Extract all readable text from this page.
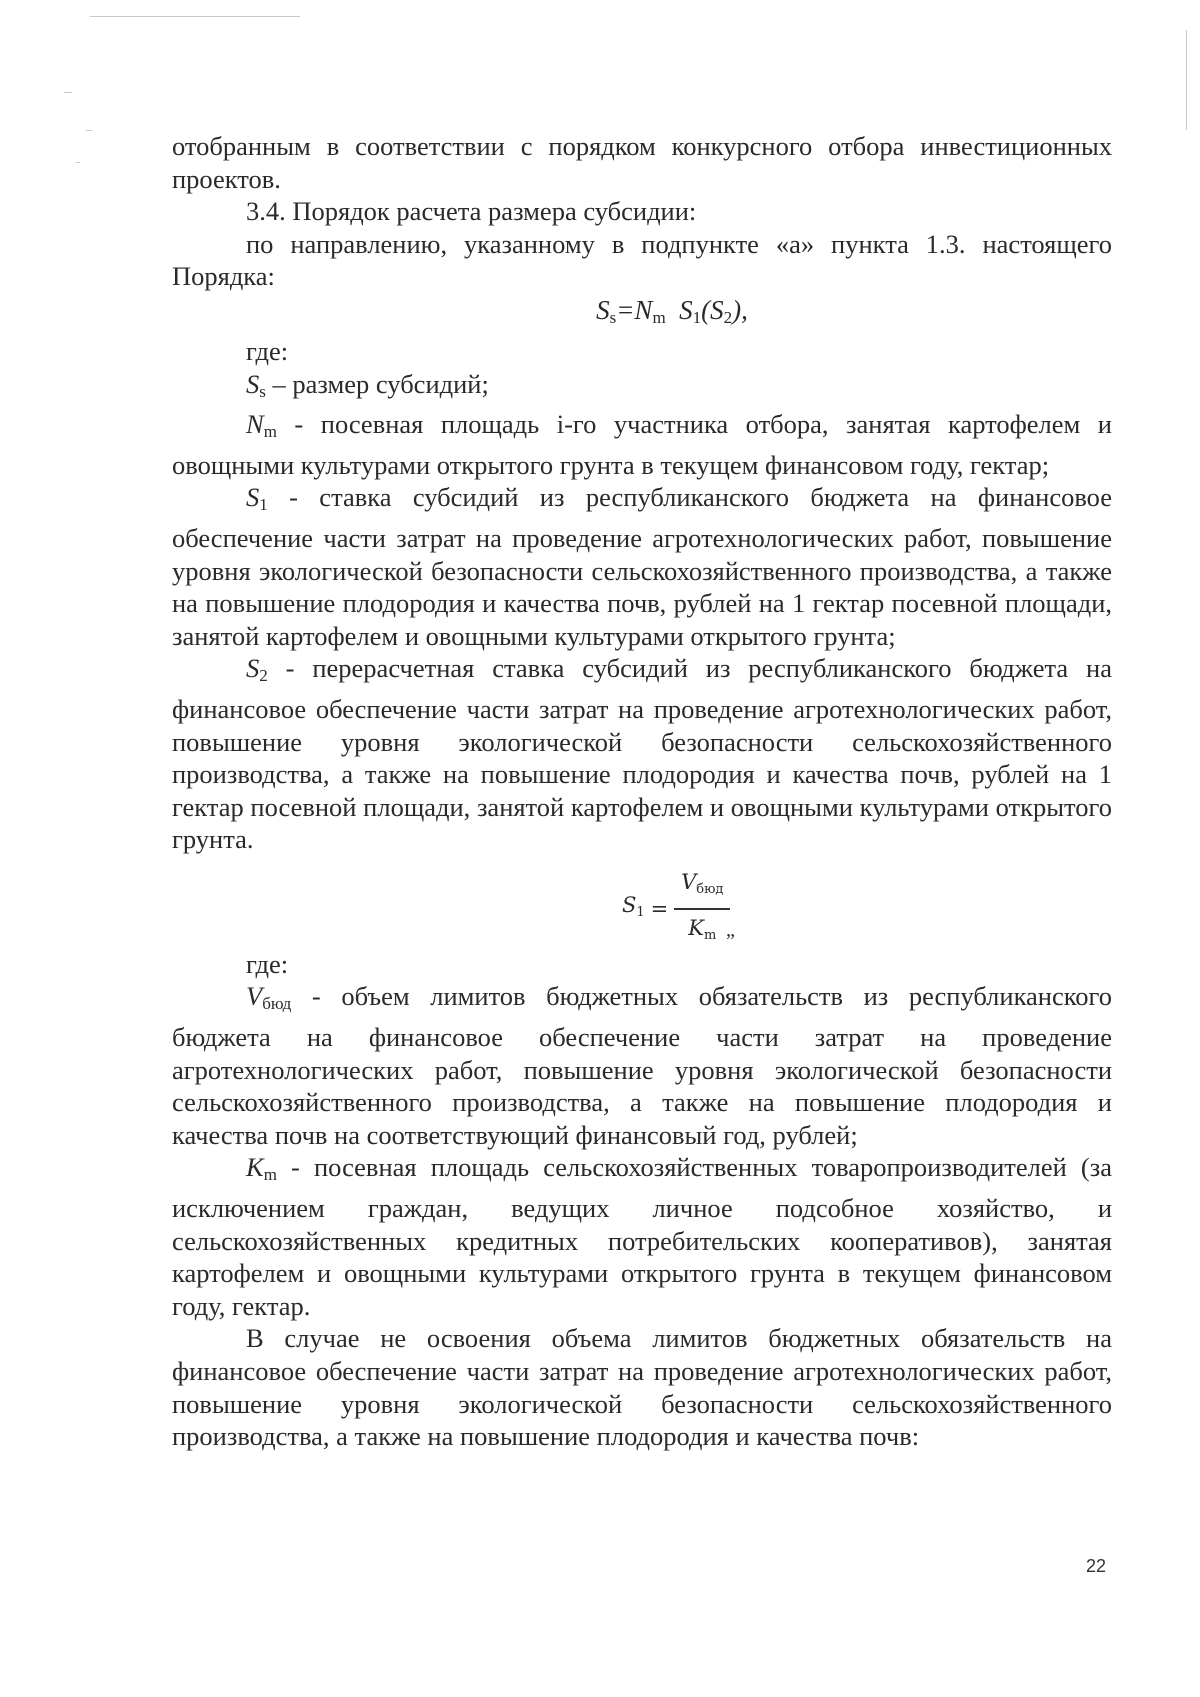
отобранным в соответствии с порядком конкурсного отбора инвестиционных проектов.

3.4. Порядок расчета размера субсидии:

по направлению, указанному в подпункте «а» пункта 1.3. настоящего Порядка:

$S_s=N_m$ $S_1(S_2)$,

где:

$S_s$ – размер субсидий;

$N_m$ - посевная площадь i-го участника отбора, занятая картофелем и овощными культурами открытого грунта в текущем финансовом году, гектар;

$S_1$ - ставка субсидий из республиканского бюджета на финансовое обеспечение части затрат на проведение агротехнологических работ, повышение уровня экологической безопасности сельскохозяйственного производства, а также на повышение плодородия и качества почв, рублей на 1 гектар посевной площади, занятой картофелем и овощными культурами открытого грунта;

$S_2$ - перерасчетная ставка субсидий из республиканского бюджета на финансовое обеспечение части затрат на проведение агротехнологических работ, повышение уровня экологической безопасности сельскохозяйственного производства, а также на повышение плодородия и качества почв, рублей на 1 гектар посевной площади, занятой картофелем и овощными культурами открытого грунта.

$S_1 = \frac{V_{бюд}}{K_m}$
„

где:

$V_{бюд}$ - объем лимитов бюджетных обязательств из республиканского бюджета на финансовое обеспечение части затрат на проведение агротехнологических работ, повышение уровня экологической безопасности сельскохозяйственного производства, а также на повышение плодородия и качества почв на соответствующий финансовый год, рублей;

$K_m$ - посевная площадь сельскохозяйственных товаропроизводителей (за исключением граждан, ведущих личное подсобное хозяйство, и сельскохозяйственных кредитных потребительских кооперативов), занятая картофелем и овощными культурами открытого грунта в текущем финансовом году, гектар.

В случае не освоения объема лимитов бюджетных обязательств на финансовое обеспечение части затрат на проведение агротехнологических работ, повышение уровня экологической безопасности сельскохозяйственного производства, а также на повышение плодородия и качества почв:

22
